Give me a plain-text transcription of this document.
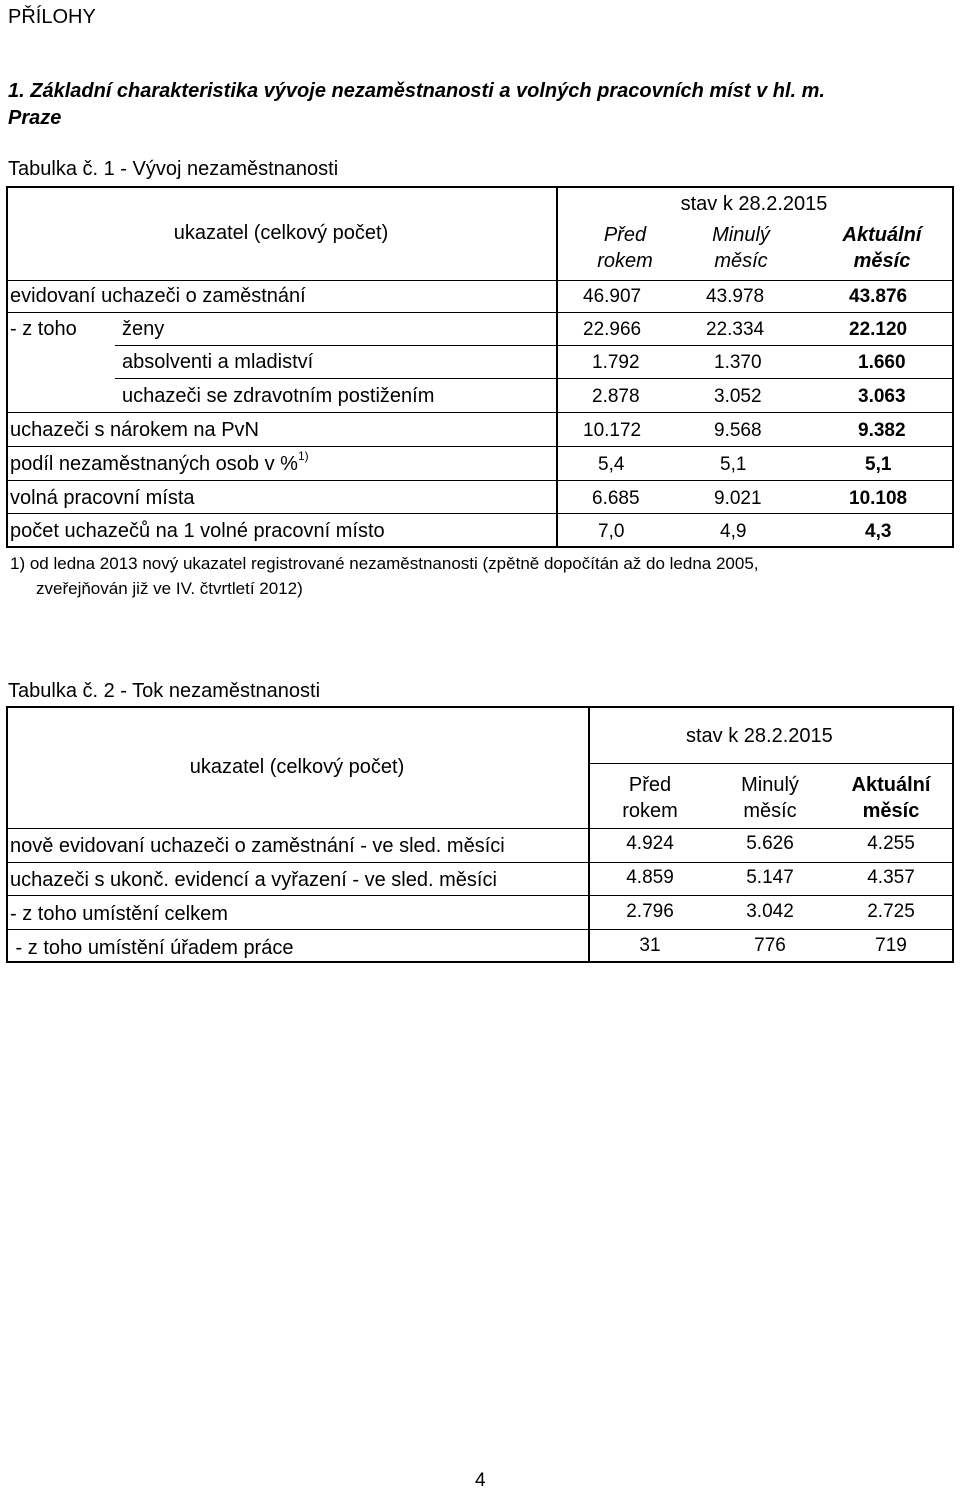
PŘÍLOHY
1. Základní charakteristika vývoje nezaměstnanosti a volných pracovních míst v hl. m.
Praze
Tabulka č. 1 - Vývoj nezaměstnanosti
ukazatel (celkový počet)
stav k 28.2.2015
Před
rokem
Minulý
měsíc
Aktuální
měsíc
evidovaní uchazeči o zaměstnání
- z toho ženy
absolventi a mladiství
uchazeči se zdravotním postižením
uchazeči s nárokem na PvN
podíl nezaměstnaných osob v %$^{1)}$
volná pracovní místa
počet uchazečů na 1 volné pracovní místo
46.907
22.966
1.792
2.878
10.172
5,4
6.685
7,0
43.978
22.334
1.370
3.052
9.568
5,1
9.021
4,9
43.876
22.120
1.660
3.063
9.382
5,1
10.108
4,3
1) od ledna 2013 nový ukazatel registrované nezaměstnanosti (zpětně dopočítán až do ledna 2005,
zveřejňován již ve IV. čtvrtletí 2012)
Tabulka č. 2 - Tok nezaměstnanosti
ukazatel (celkový počet)
stav k 28.2.2015
Před
rokem
Minulý
měsíc
Aktuální
měsíc
nově evidovaní uchazeči o zaměstnání - ve sled. měsíci
uchazeči s ukonč. evidencí a vyřazení - ve sled. měsíci
- z toho umístění celkem
- z toho umístění úřadem práce
4.924
4.859
2.796
31
5.626
5.147
3.042
776
4.255
4.357
2.725
719
4
